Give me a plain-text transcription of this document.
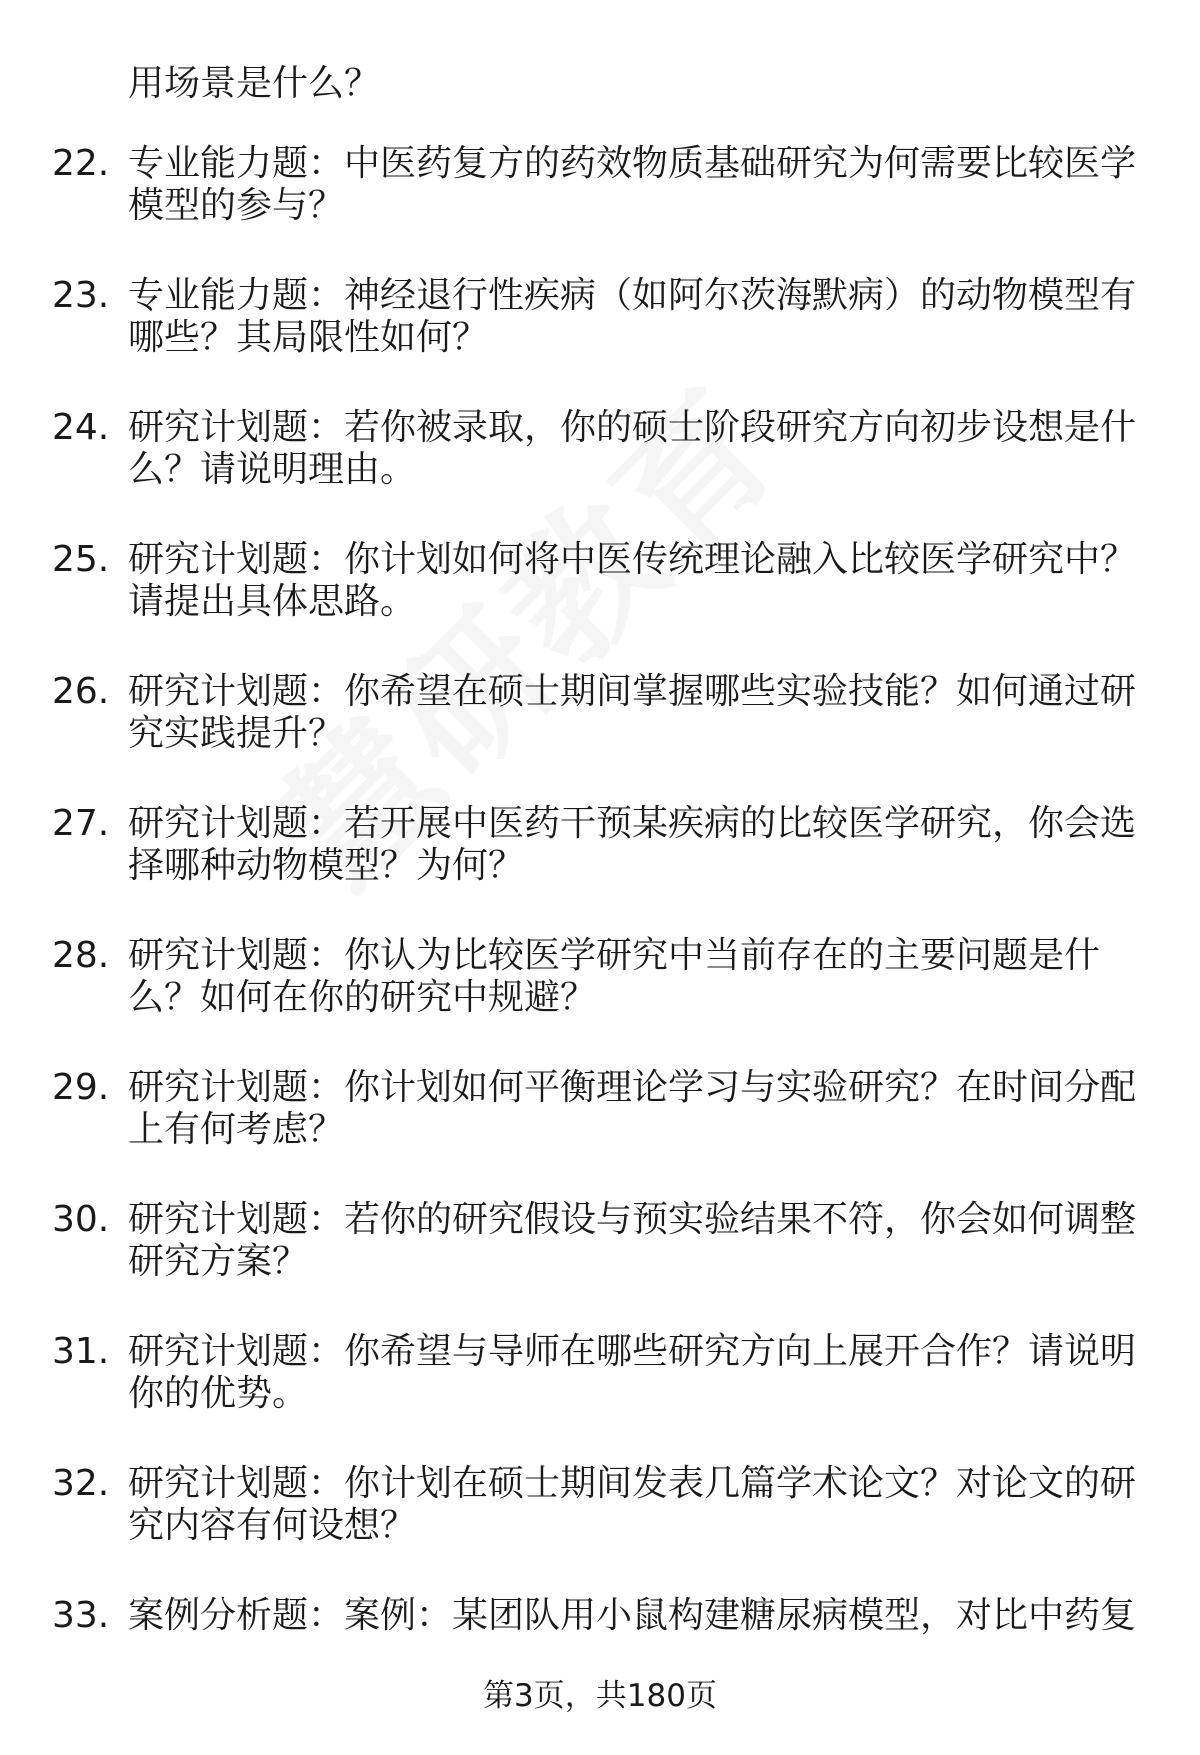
用场景是什么？
22. 专业能力题：中医药复方的药效物质基础研究为何需要比较医学
模型的参与？
23. 专业能力题：神经退行性疾病（如阿尔茨海默病）的动物模型有
哪些？其局限性如何？
24. 研究计划题：若你被录取，你的硕士阶段研究方向初步设想是什
么？请说明理由。
25. 研究计划题：你计划如何将中医传统理论融入比较医学研究中？
请提出具体思路。
26. 研究计划题：你希望在硕士期间掌握哪些实验技能？如何通过研
究实践提升？
27. 研究计划题：若开展中医药干预某疾病的比较医学研究，你会选
择哪种动物模型？为何？
28. 研究计划题：你认为比较医学研究中当前存在的主要问题是什
么？如何在你的研究中规避？
29. 研究计划题：你计划如何平衡理论学习与实验研究？在时间分配
上有何考虑？
30. 研究计划题：若你的研究假设与预实验结果不符，你会如何调整
研究方案？
31. 研究计划题：你希望与导师在哪些研究方向上展开合作？请说明
你的优势。
32. 研究计划题：你计划在硕士期间发表几篇学术论文？对论文的研
究内容有何设想？
33. 案例分析题：案例：某团队用小鼠构建糖尿病模型，对比中药复
第3页，共180页
